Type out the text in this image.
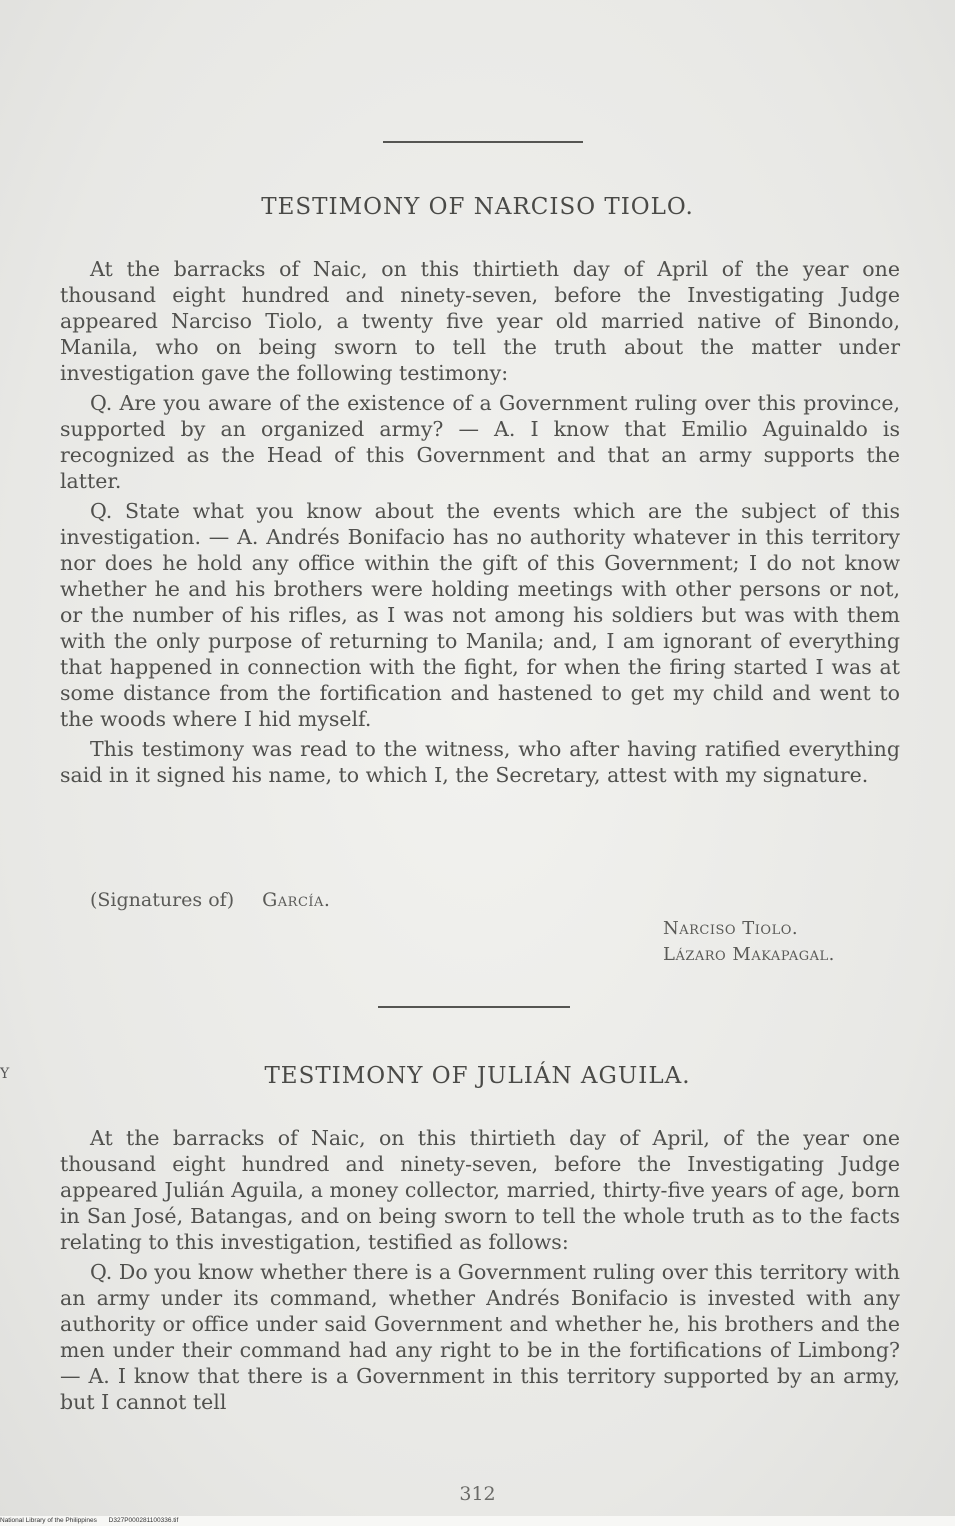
TESTIMONY OF NARCISO TIOLO.

At the barracks of Naic, on this thirtieth day of April of the year one thousand eight hundred and ninety-seven, before the Investigating Judge appeared Narciso Tiolo, a twenty five year old married native of Binondo, Manila, who on being sworn to tell the truth about the matter under investigation gave the following testimony:

Q. Are you aware of the existence of a Government ruling over this province, supported by an organized army? — A. I know that Emilio Aguinaldo is recognized as the Head of this Government and that an army supports the latter.

Q. State what you know about the events which are the subject of this investigation. — A. Andrés Bonifacio has no authority whatever in this territory nor does he hold any office within the gift of this Government; I do not know whether he and his brothers were holding meetings with other persons or not, or the number of his rifles, as I was not among his soldiers but was with them with the only purpose of returning to Manila; and, I am ignorant of everything that happened in connection with the fight, for when the firing started I was at some distance from the fortification and hastened to get my child and went to the woods where I hid myself.

This testimony was read to the witness, who after having ratified everything said in it signed his name, to which I, the Secretary, attest with my signature.

(Signatures of) García.
Narciso Tiolo.
Lázaro Makapagal.
Y	TESTIMONY OF JULIÁN AGUILA.

At the barracks of Naic, on this thirtieth day of April, of the year one thousand eight hundred and ninety-seven, before the Investigating Judge appeared Julián Aguila, a money collector, married, thirty-five years of age, born in San José, Batangas, and on being sworn to tell the whole truth as to the facts relating to this investigation, testified as follows:

Q. Do you know whether there is a Government ruling over this territory with an army under its command, whether Andrés Bonifacio is invested with any authority or office under said Government and whether he, his brothers and the men under their command had any right to be in the fortifications of Limbong? — A. I know that there is a Government in this territory supported by an army, but I cannot tell

312
National Library of the Philippines D327P000281100336.tif
